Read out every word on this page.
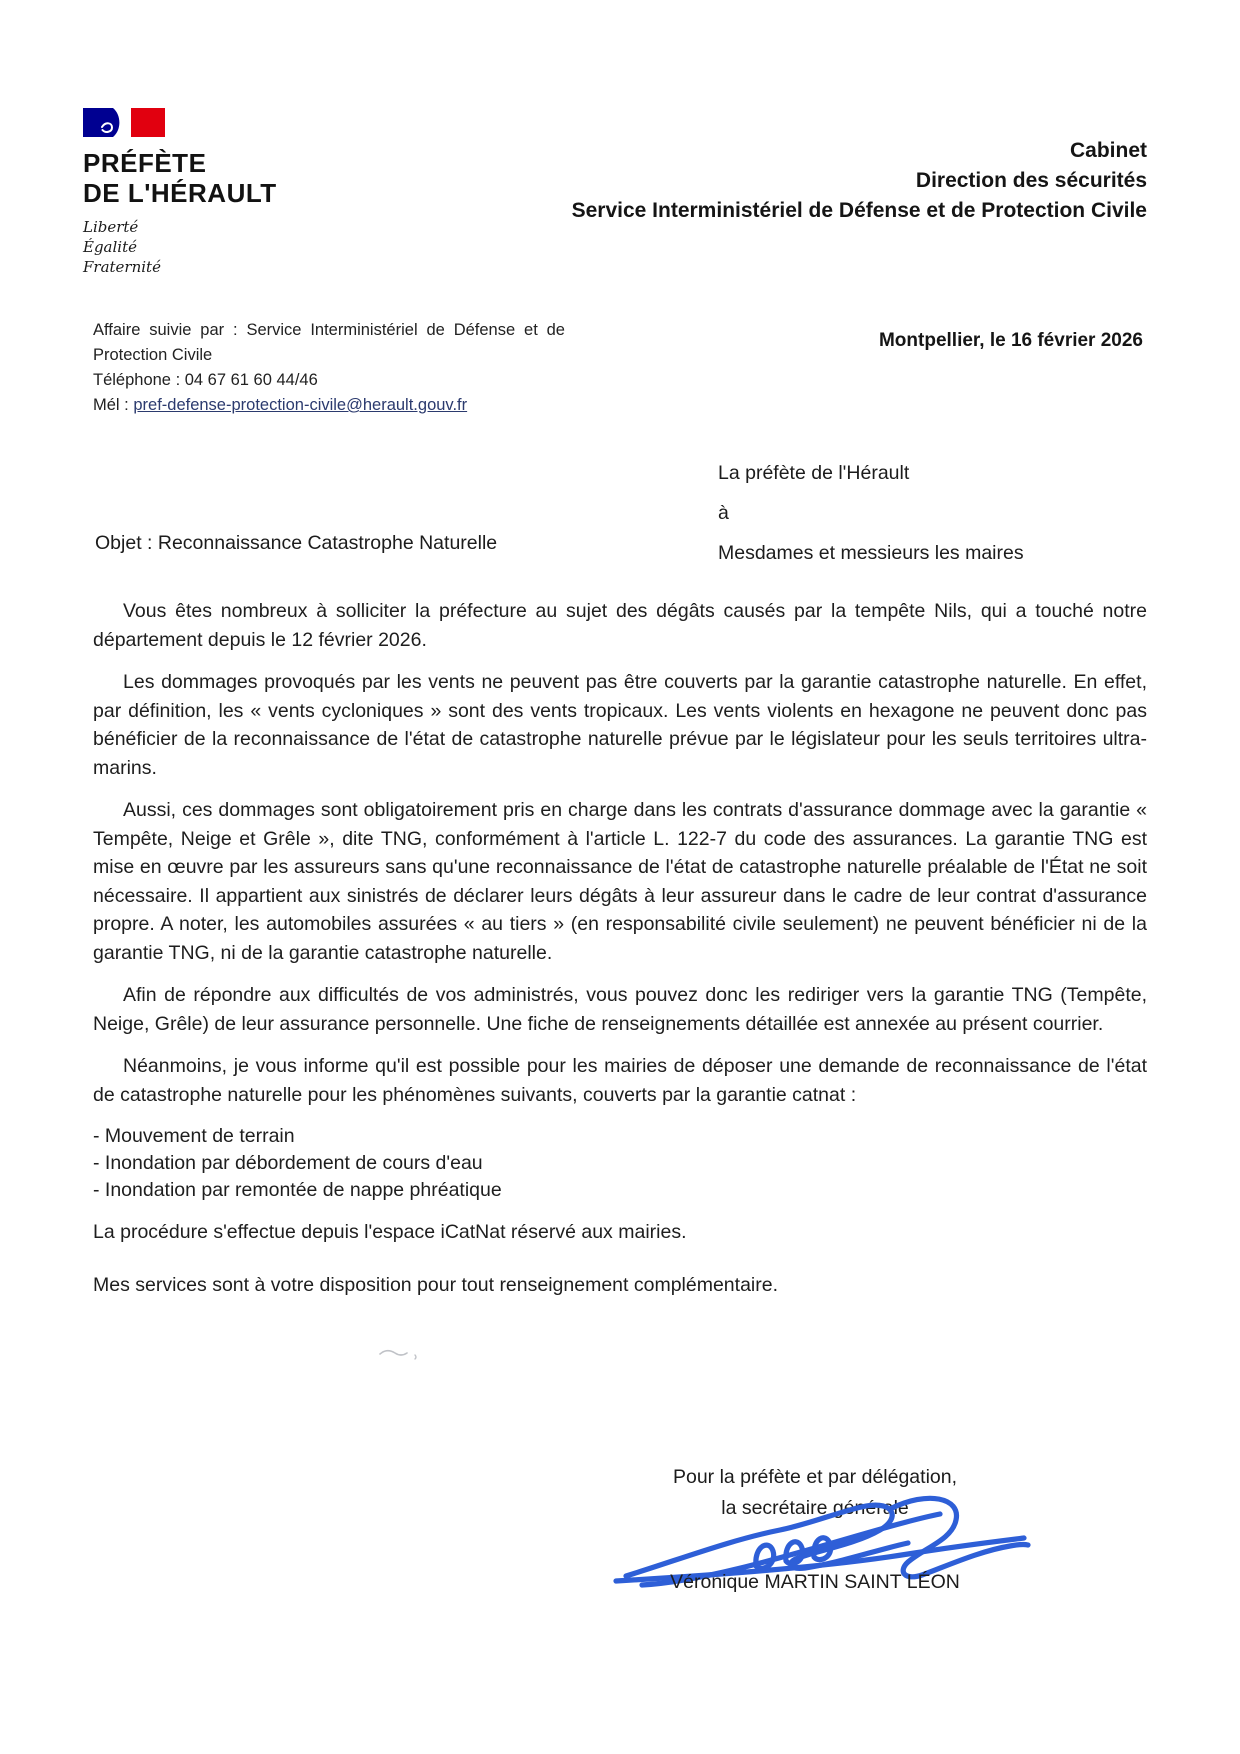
PRÉFÈTE
DE L'HÉRAULT
Liberté
Égalité
Fraternité
Cabinet
Direction des sécurités
Service Interministériel de Défense et de Protection Civile
Affaire suivie par : Service Interministériel de Défense et de Protection Civile
Téléphone : 04 67 61 60 44/46
Mél : pref-defense-protection-civile@herault.gouv.fr
Montpellier, le 16 février 2026
La préfète de l'Hérault
à
Mesdames et messieurs les maires
Objet : Reconnaissance Catastrophe Naturelle

Vous êtes nombreux à solliciter la préfecture au sujet des dégâts causés par la tempête Nils, qui a touché notre département depuis le 12 février 2026.

Les dommages provoqués par les vents ne peuvent pas être couverts par la garantie catastrophe naturelle. En effet, par définition, les « vents cycloniques » sont des vents tropicaux. Les vents violents en hexagone ne peuvent donc pas bénéficier de la reconnaissance de l'état de catastrophe naturelle prévue par le législateur pour les seuls territoires ultra-marins.

Aussi, ces dommages sont obligatoirement pris en charge dans les contrats d'assurance dommage avec la garantie « Tempête, Neige et Grêle », dite TNG, conformément à l'article L. 122-7 du code des assurances. La garantie TNG est mise en œuvre par les assureurs sans qu'une reconnaissance de l'état de catastrophe naturelle préalable de l'État ne soit nécessaire. Il appartient aux sinistrés de déclarer leurs dégâts à leur assureur dans le cadre de leur contrat d'assurance propre. A noter, les automobiles assurées « au tiers » (en responsabilité civile seulement) ne peuvent bénéficier ni de la garantie TNG, ni de la garantie catastrophe naturelle.

Afin de répondre aux difficultés de vos administrés, vous pouvez donc les rediriger vers la garantie TNG (Tempête, Neige, Grêle) de leur assurance personnelle. Une fiche de renseignements détaillée est annexée au présent courrier.

Néanmoins, je vous informe qu'il est possible pour les mairies de déposer une demande de reconnaissance de l'état de catastrophe naturelle pour les phénomènes suivants, couverts par la garantie catnat :

- Mouvement de terrain
- Inondation par débordement de cours d'eau
- Inondation par remontée de nappe phréatique
La procédure s'effectue depuis l'espace iCatNat réservé aux mairies.
Mes services sont à votre disposition pour tout renseignement complémentaire.
Pour la préfète et par délégation,
la secrétaire générale
Véronique MARTIN SAINT LÉON
